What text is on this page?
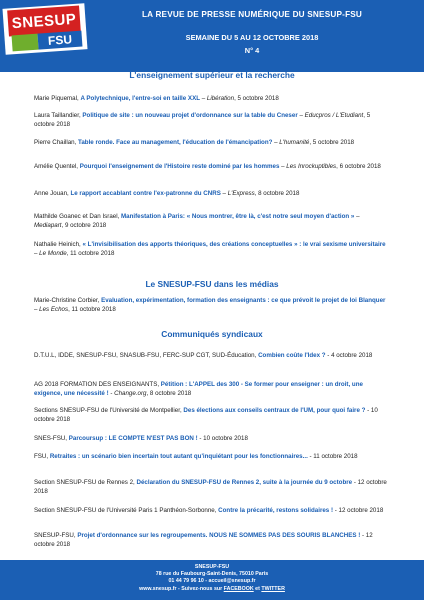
SNESUP
FSU
LA REVUE DE PRESSE NUMÉRIQUE DU SNESUP-FSU
SEMAINE DU 5 AU 12 OCTOBRE 2018
N° 4
L'enseignement supérieur et la recherche
Marie Piquemal, A Polytechnique, l'entre-soi en taille XXL – Libération, 5 octobre 2018
Laura Taillandier, Politique de site : un nouveau projet d'ordonnance sur la table du Cneser – Educpros / L'Etudiant, 5 octobre 2018
Pierre Chaillan, Table ronde. Face au management, l'éducation de l'émancipation? – L'humanité, 5 octobre 2018
Amélie Quentel, Pourquoi l'enseignement de l'Histoire reste dominé par les hommes – Les Inrockuptibles, 6 octobre 2018
Anne Jouan, Le rapport accablant contre l'ex-patronne du CNRS – L'Express, 8 octobre 2018
Mathilde Goanec et Dan Israel, Manifestation à Paris: « Nous montrer, être là, c'est notre seul moyen d'action » – Mediapart, 9 octobre 2018
Nathalie Heinich, « L'invisibilisation des apports théoriques, des créations conceptuelles » : le vrai sexisme universitaire – Le Monde, 11 octobre 2018
Le SNESUP-FSU dans les médias
Marie-Christine Corbier, Evaluation, expérimentation, formation des enseignants : ce que prévoit le projet de loi Blanquer – Les Echos, 11 octobre 2018
Communiqués syndicaux
D.T.U.L, IDDE, SNESUP-FSU, SNASUB-FSU, FERC-SUP CGT, SUD-Éducation, Combien coûte l'Idex ? - 4 octobre 2018
AG 2018 FORMATION DES ENSEIGNANTS, Pétition : L'APPEL des 300 - Se former pour enseigner : un droit, une exigence, une nécessité ! - Change.org, 8 octobre 2018
Sections SNESUP-FSU de l'Université de Montpellier, Des élections aux conseils centraux de l'UM, pour quoi faire ? - 10 octobre 2018
SNES-FSU, Parcoursup : LE COMPTE N'EST PAS BON ! - 10 octobre 2018
FSU, Retraites : un scénario bien incertain tout autant qu'inquiétant pour les fonctionnaires... - 11 octobre 2018
Section SNESUP-FSU de Rennes 2, Déclaration du SNESUP-FSU de Rennes 2, suite à la journée du 9 octobre - 12 octobre 2018
Section SNESUP-FSU de l'Université Paris 1 Panthéon-Sorbonne, Contre la précarité, restons solidaires ! - 12 octobre 2018
SNESUP-FSU, Projet d'ordonnance sur les regroupements. NOUS NE SOMMES PAS DES SOURIS BLANCHES ! - 12 octobre 2018
SNESUP-FSU
78 rue du Faubourg-Saint-Denis, 75010 Paris
01 44 79 96 10 - accueil@snesup.fr
www.snesup.fr - Suivez-nous sur FACEBOOK et TWITTER
